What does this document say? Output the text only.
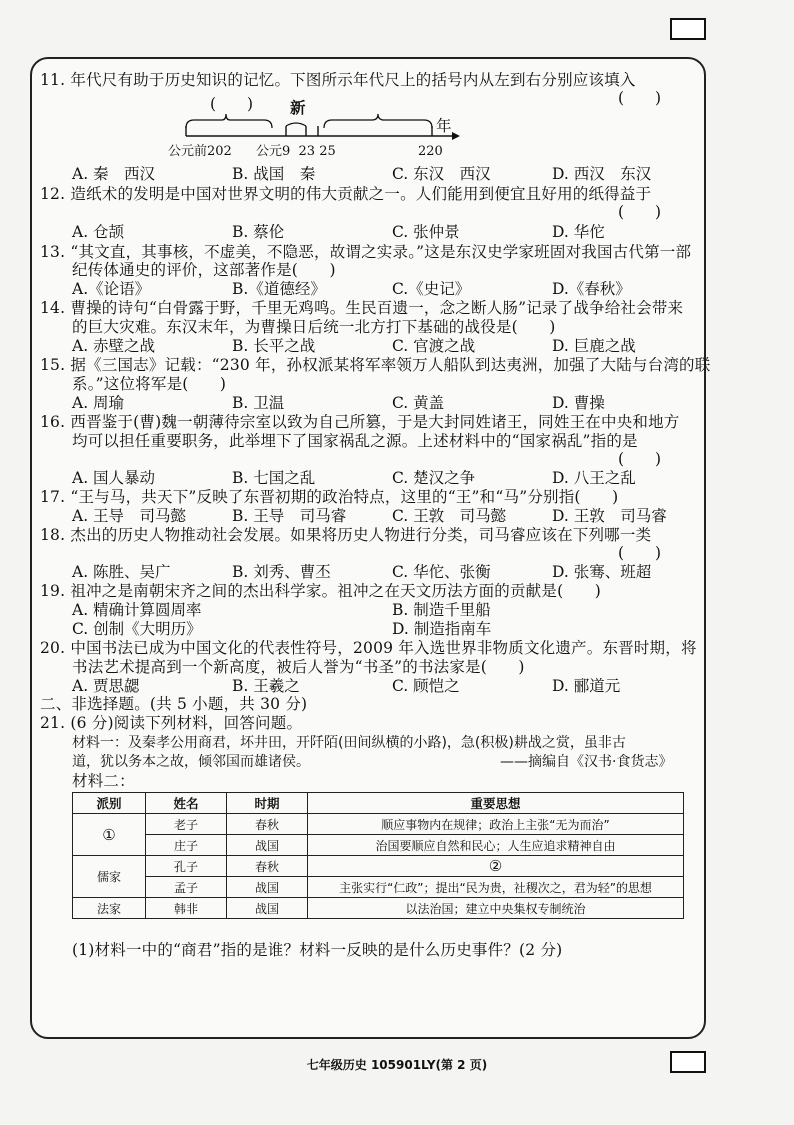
11. 年代尺有助于历史知识的记忆。下图所示年代尺上的括号内从左到右分别应该填入
(　　)
(　　) 新
年
公元前202 公元9  23 25	220
A. 秦　西汉	B. 战国　秦	C. 东汉　西汉	D. 西汉　东汉
12. 造纸术的发明是中国对世界文明的伟大贡献之一。人们能用到便宜且好用的纸得益于
(　　)
A. 仓颉	B. 蔡伦	C. 张仲景	D. 华佗
13. “其文直，其事核，不虚美，不隐恶，故谓之实录。”这是东汉史学家班固对我国古代第一部
纪传体通史的评价，这部著作是(　　)
A.《论语》	B.《道德经》	C.《史记》	D.《春秋》
14. 曹操的诗句“白骨露于野，千里无鸡鸣。生民百遗一，念之断人肠”记录了战争给社会带来
的巨大灾难。东汉末年，为曹操日后统一北方打下基础的战役是(　　)
A. 赤壁之战	B. 长平之战	C. 官渡之战	D. 巨鹿之战
15. 据《三国志》记载：“230 年，孙权派某将军率领万人船队到达夷洲，加强了大陆与台湾的联
系。”这位将军是(　　)
A. 周瑜	B. 卫温	C. 黄盖	D. 曹操
16. 西晋鉴于(曹)魏一朝薄待宗室以致为自己所篡，于是大封同姓诸王，同姓王在中央和地方
均可以担任重要职务，此举埋下了国家祸乱之源。上述材料中的“国家祸乱”指的是
(　　)
A. 国人暴动	B. 七国之乱	C. 楚汉之争	D. 八王之乱
17. “王与马，共天下”反映了东晋初期的政治特点，这里的“王”和“马”分别指(　　)
A. 王导　司马懿	B. 王导　司马睿	C. 王敦　司马懿	D. 王敦　司马睿
18. 杰出的历史人物推动社会发展。如果将历史人物进行分类，司马睿应该在下列哪一类
(　　)
A. 陈胜、吴广	B. 刘秀、曹丕	C. 华佗、张衡	D. 张骞、班超
19. 祖冲之是南朝宋齐之间的杰出科学家。祖冲之在天文历法方面的贡献是(　　)
A. 精确计算圆周率	B. 制造千里船
C. 创制《大明历》	D. 制造指南车
20. 中国书法已成为中国文化的代表性符号，2009 年入选世界非物质文化遗产。东晋时期，将
书法艺术提高到一个新高度，被后人誉为“书圣”的书法家是(　　)
A. 贾思勰	B. 王羲之	C. 顾恺之	D. 郦道元
二、非选择题。(共 5 小题，共 30 分)
21. (6 分)阅读下列材料，回答问题。
材料一：及秦孝公用商君，坏井田，开阡陌(田间纵横的小路)，急(积极)耕战之赏，虽非古
道，犹以务本之故，倾邻国而雄诸侯。	——摘编自《汉书·食货志》
材料二：
派别	姓名	时期	重要思想
①	老子	春秋	顺应事物内在规律；政治上主张“无为而治”
	庄子	战国	治国要顺应自然和民心；人生应追求精神自由
儒家	孔子	春秋	②
	孟子	战国	主张实行“仁政”；提出“民为贵，社稷次之，君为轻”的思想
法家	韩非	战国	以法治国；建立中央集权专制统治
(1)材料一中的“商君”指的是谁？材料一反映的是什么历史事件？(2 分)
七年级历史 105901LY(第 2 页)
